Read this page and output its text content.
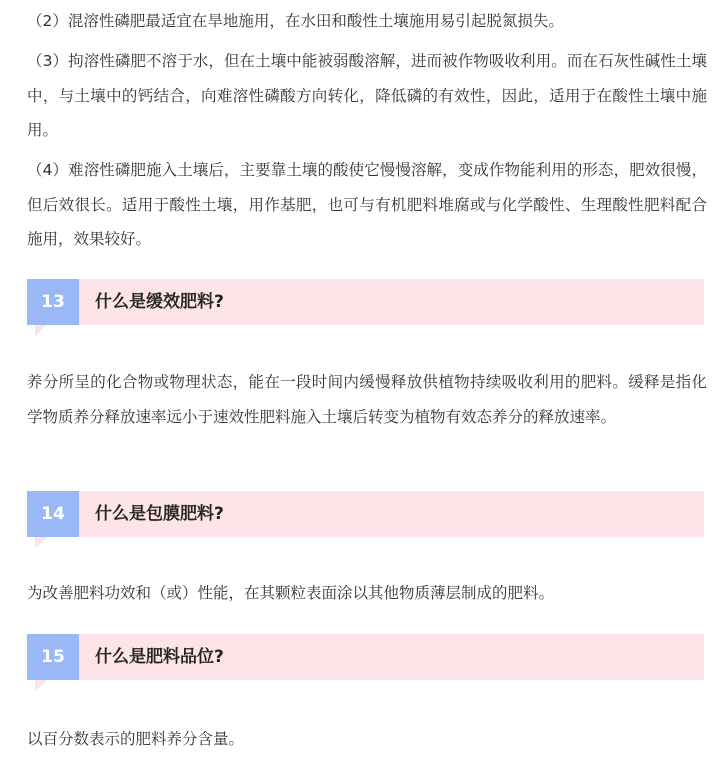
（2）混溶性磷肥最适宜在旱地施用，在水田和酸性土壤施用易引起脱氮损失。

（3）拘溶性磷肥不溶于水，但在土壤中能被弱酸溶解，进而被作物吸收利用。而在石灰性碱性土壤中，与土壤中的钙结合，向难溶性磷酸方向转化，降低磷的有效性，因此，适用于在酸性土壤中施用。

（4）难溶性磷肥施入土壤后，主要靠土壤的酸使它慢慢溶解，变成作物能利用的形态，肥效很慢，但后效很长。适用于酸性土壤，用作基肥，也可与有机肥料堆腐或与化学酸性、生理酸性肥料配合施用，效果较好。

13	什么是缓效肥料?

养分所呈的化合物或物理状态，能在一段时间内缓慢释放供植物持续吸收利用的肥料。缓释是指化学物质养分释放速率远小于速效性肥料施入土壤后转变为植物有效态养分的释放速率。

14	什么是包膜肥料?

为改善肥料功效和（或）性能，在其颗粒表面涂以其他物质薄层制成的肥料。

15	什么是肥料品位?

以百分数表示的肥料养分含量。
